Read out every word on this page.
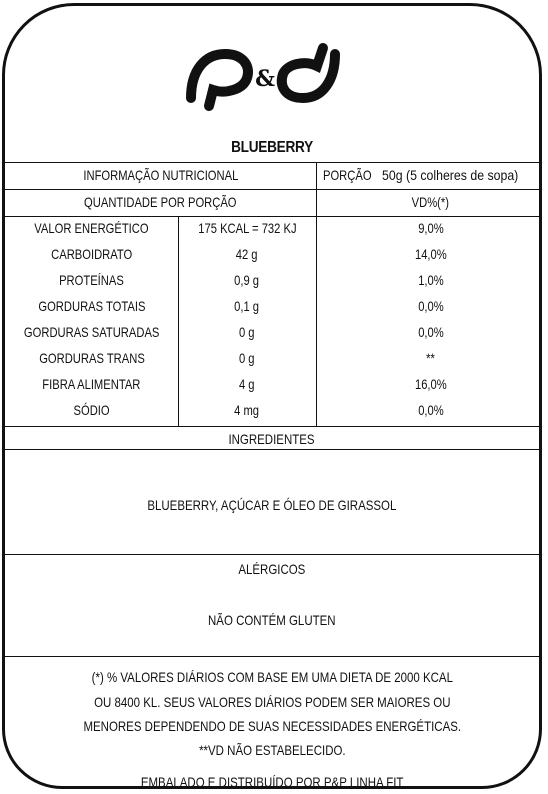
&
BLUEBERRY
INFORMAÇÃO NUTRICIONAL	PORÇÃO 50g (5 colheres de sopa)
QUANTIDADE POR PORÇÃO	VD%(*)
VALOR ENERGÉTICO	175 KCAL = 732 KJ	9,0%
CARBOIDRATO	42 g	14,0%
PROTEÍNAS	0,9 g	1,0%
GORDURAS TOTAIS	0,1 g	0,0%
GORDURAS SATURADAS	0 g	0,0%
GORDURAS TRANS	0 g	**
FIBRA ALIMENTAR	4 g	16,0%
SÓDIO	4 mg	0,0%
INGREDIENTES
BLUEBERRY, AÇÚCAR E ÓLEO DE GIRASSOL
ALÉRGICOS
NÃO CONTÉM GLUTEN
(*) % VALORES DIÁRIOS COM BASE EM UMA DIETA DE 2000 KCAL
OU 8400 KL. SEUS VALORES DIÁRIOS PODEM SER MAIORES OU
MENORES DEPENDENDO DE SUAS NECESSIDADES ENERGÉTICAS.
**VD NÃO ESTABELECIDO.
EMBALADO E DISTRIBUÍDO POR P&P LINHA FIT
